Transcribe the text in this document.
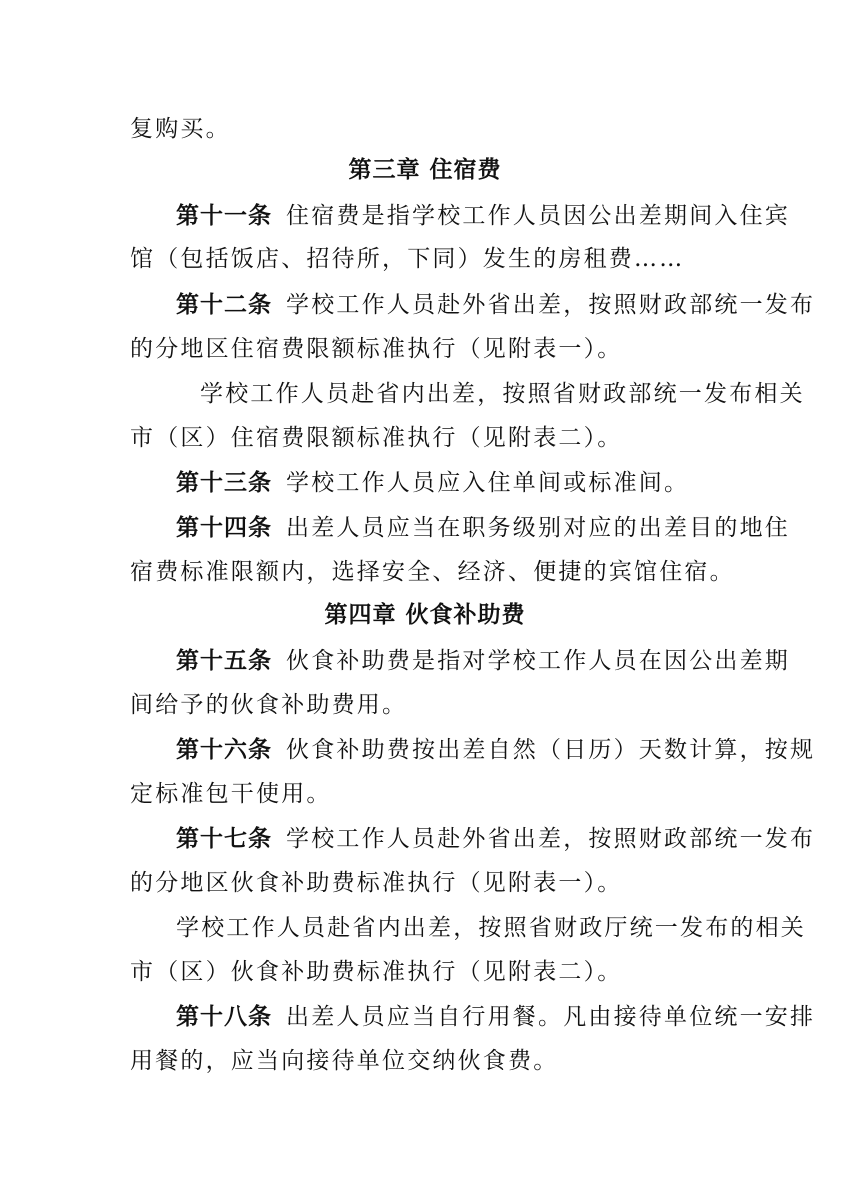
复购买。
第三章 住宿费
第十一条 住宿费是指学校工作人员因公出差期间入住宾
馆（包括饭店、招待所，下同）发生的房租费……
第十二条 学校工作人员赴外省出差，按照财政部统一发布
的分地区住宿费限额标准执行（见附表一）。
学校工作人员赴省内出差，按照省财政部统一发布相关
市（区）住宿费限额标准执行（见附表二）。
第十三条 学校工作人员应入住单间或标准间。
第十四条 出差人员应当在职务级别对应的出差目的地住
宿费标准限额内，选择安全、经济、便捷的宾馆住宿。
第四章 伙食补助费
第十五条 伙食补助费是指对学校工作人员在因公出差期
间给予的伙食补助费用。
第十六条 伙食补助费按出差自然（日历）天数计算，按规
定标准包干使用。
第十七条 学校工作人员赴外省出差，按照财政部统一发布
的分地区伙食补助费标准执行（见附表一）。
学校工作人员赴省内出差，按照省财政厅统一发布的相关
市（区）伙食补助费标准执行（见附表二）。
第十八条 出差人员应当自行用餐。凡由接待单位统一安排
用餐的，应当向接待单位交纳伙食费。
